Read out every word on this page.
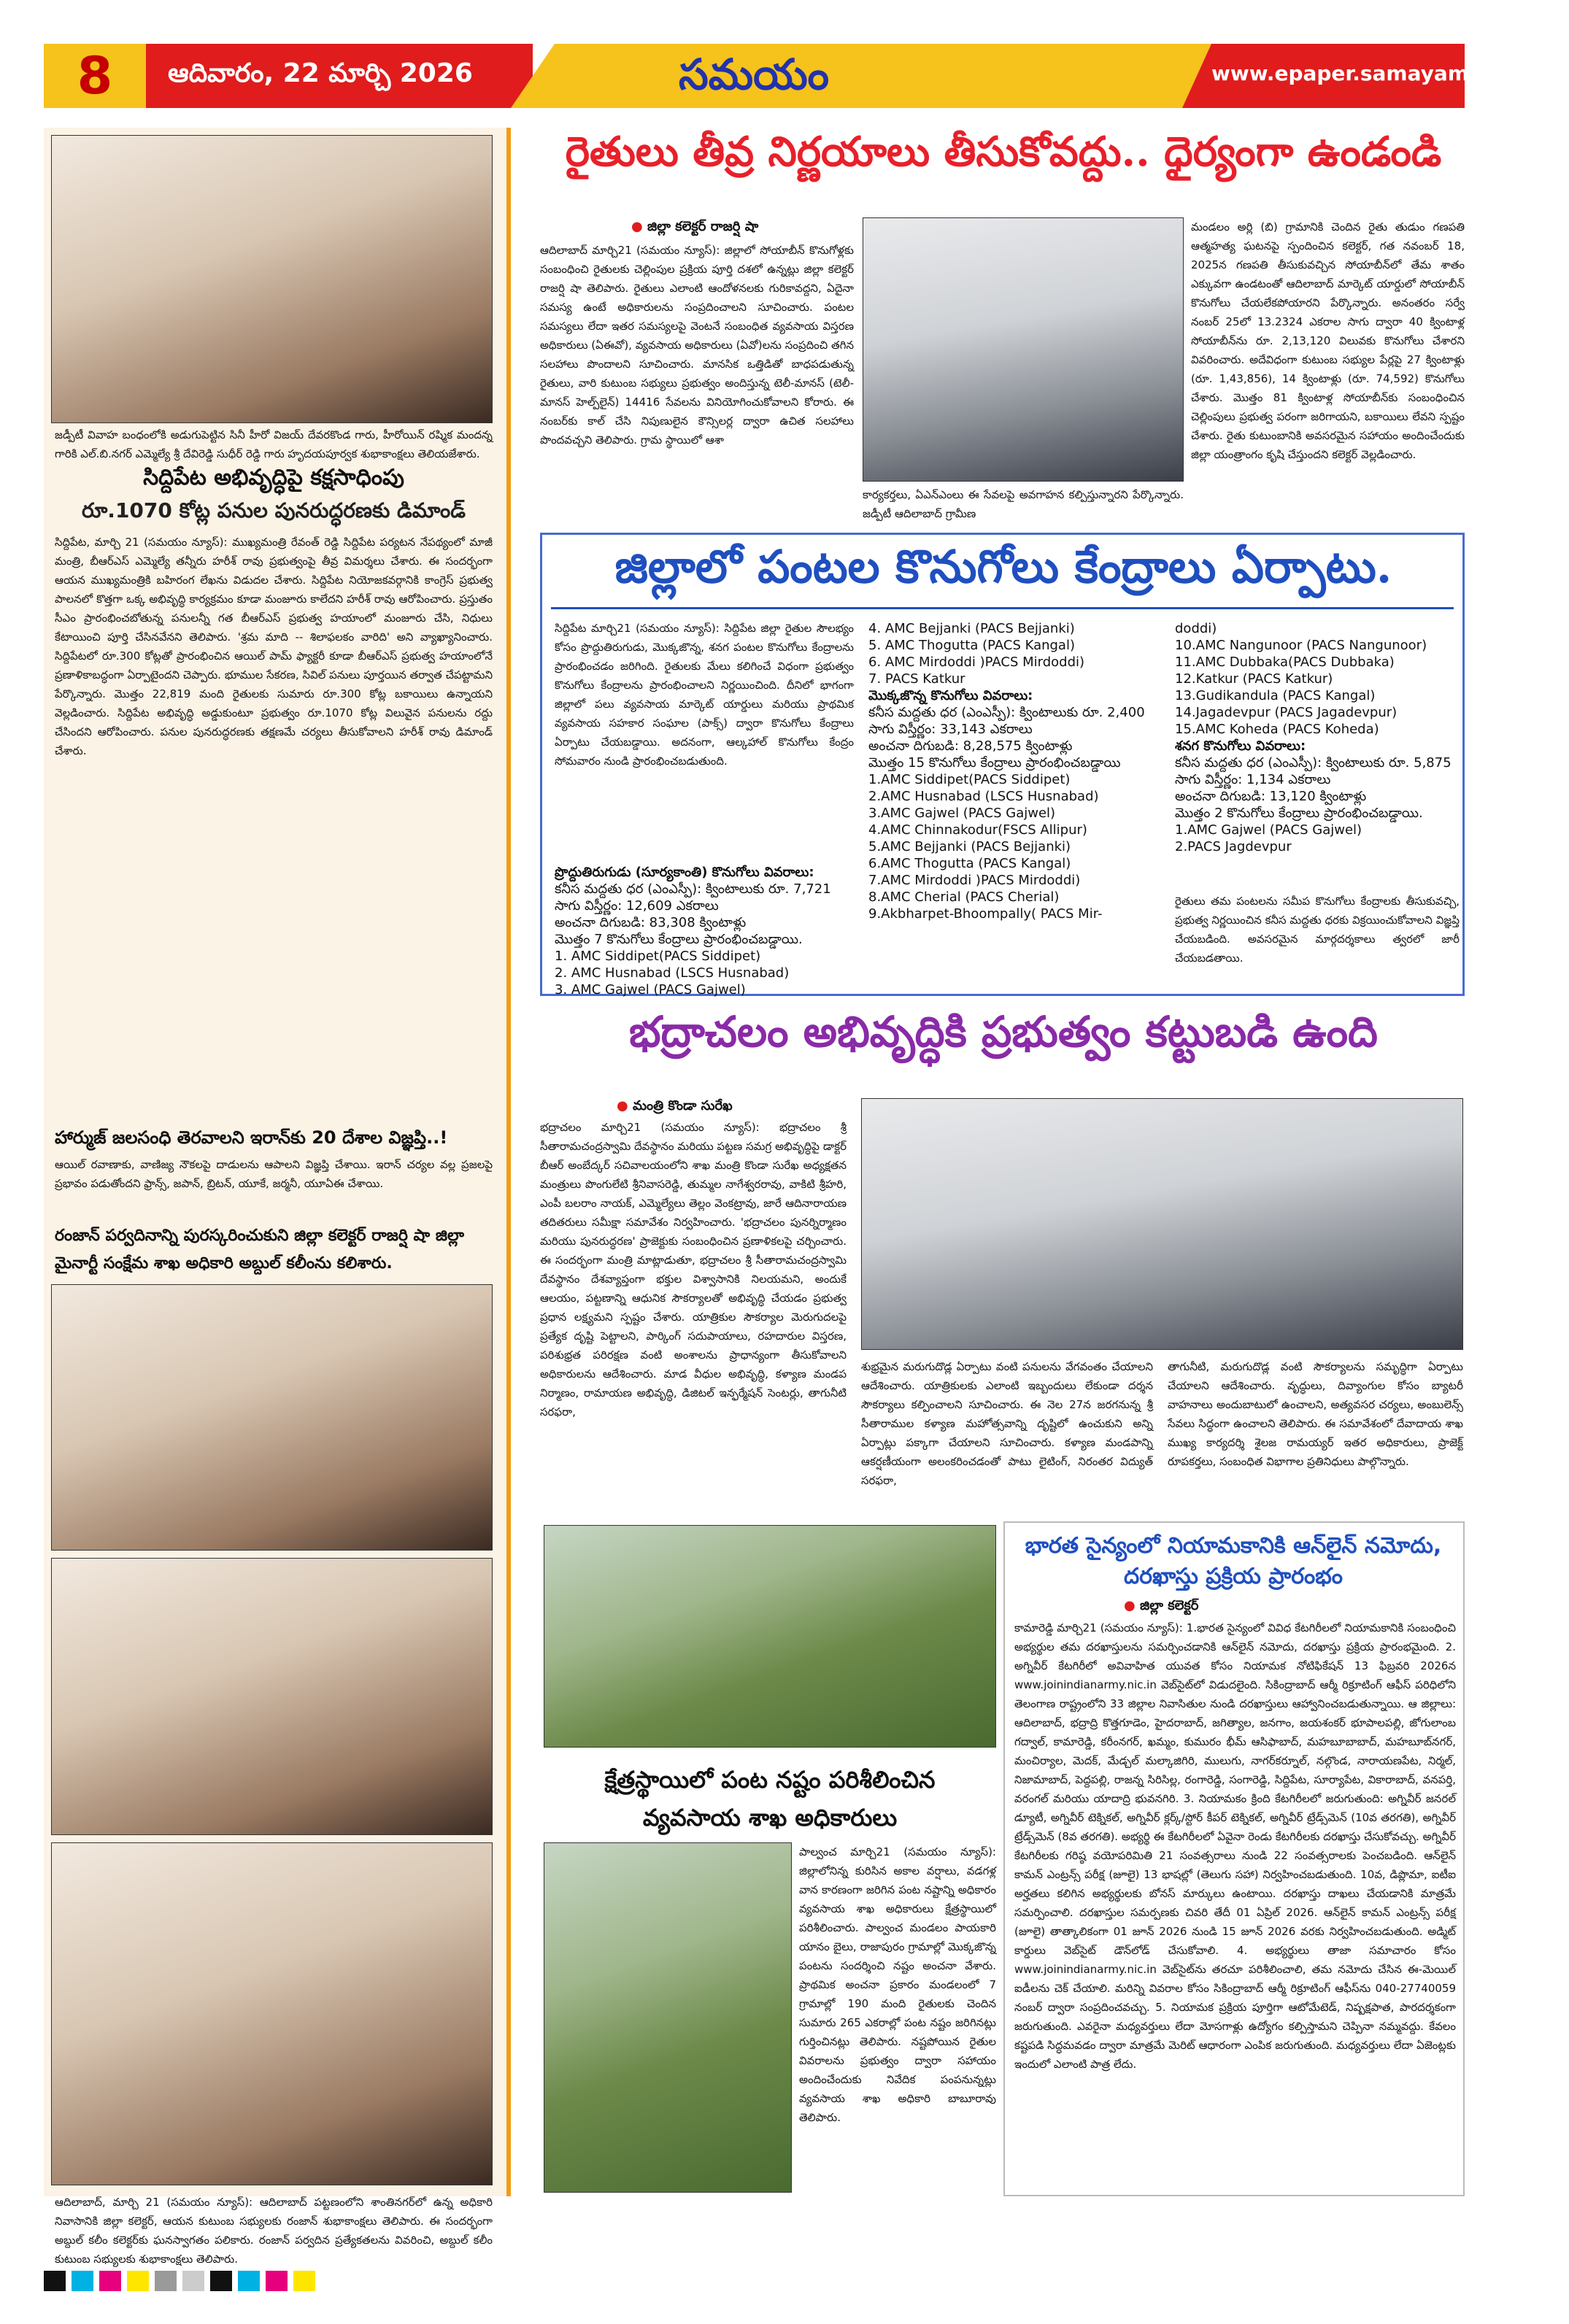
8	ఆదివారం, 22 మార్చి 2026	సమయం	www.epaper.samayamdaily.net
జడ్పీటీ వివాహ బంధంలోకి అడుగుపెట్టిన సినీ హీరో విజయ్ దేవరకొండ గారు, హీరోయిన్ రష్మిక మందన్న గారికి ఎల్.బి.నగర్ ఎమ్మెల్యే శ్రీ దేవిరెడ్డి సుధీర్ రెడ్డి గారు హృదయపూర్వక శుభాకాంక్షలు తెలియజేశారు.
సిద్దిపేట అభివృద్ధిపై కక్షసాధింపు
రూ.1070 కోట్ల పనుల పునరుద్ధరణకు డిమాండ్
సిద్దిపేట, మార్చి 21 (సమయం న్యూస్): ముఖ్యమంత్రి రేవంత్ రెడ్డి సిద్దిపేట పర్యటన నేపథ్యంలో మాజీ మంత్రి, బీఆర్ఎస్ ఎమ్మెల్యే తన్నీరు హరీశ్ రావు ప్రభుత్వంపై తీవ్ర విమర్శలు చేశారు. ఈ సందర్భంగా ఆయన ముఖ్యమంత్రికి బహిరంగ లేఖను విడుదల చేశారు. సిద్దిపేట నియోజకవర్గానికి కాంగ్రెస్ ప్రభుత్వ పాలనలో కొత్తగా ఒక్క అభివృద్ధి కార్యక్రమం కూడా మంజూరు కాలేదని హరీశ్ రావు ఆరోపించారు. ప్రస్తుతం సీఎం ప్రారంభించబోతున్న పనులన్నీ గత బీఆర్ఎస్ ప్రభుత్వ హయాంలో మంజూరు చేసి, నిధులు కేటాయించి పూర్తి చేసినవేనని తెలిపారు. 'శ్రమ మాది -- శిలాఫలకం వారిది' అని వ్యాఖ్యానించారు. సిద్దిపేటలో రూ.300 కోట్లతో ప్రారంభించిన ఆయిల్ పామ్ ఫ్యాక్టరీ కూడా బీఆర్ఎస్ ప్రభుత్వ హయాంలోనే ప్రణాళికాబద్ధంగా ఏర్పాటైందని చెప్పారు. భూముల సేకరణ, సివిల్ పనులు పూర్తయిన తర్వాత చేపట్టామని పేర్కొన్నారు. మొత్తం 22,819 మంది రైతులకు సుమారు రూ.300 కోట్ల బకాయిలు ఉన్నాయని వెల్లడించారు. సిద్దిపేట అభివృద్ధి అడ్డుకుంటూ ప్రభుత్వం రూ.1070 కోట్ల విలువైన పనులను రద్దు చేసిందని ఆరోపించారు. పనుల పునరుద్ధరణకు తక్షణమే చర్యలు తీసుకోవాలని హరీశ్ రావు డిమాండ్ చేశారు.
హార్ముజ్ జలసంధి తెరవాలని ఇరాన్‌కు 20 దేశాల విజ్ఞప్తి..!
ఆయిల్ రవాణాకు, వాణిజ్య నౌకలపై దాడులను ఆపాలని విజ్ఞప్తి చేశాయి. ఇరాన్ చర్యల వల్ల ప్రజలపై ప్రభావం పడుతోందని ఫ్రాన్స్, జపాన్, బ్రిటన్, యూకే, జర్మనీ, యూఏఈ చేశాయి.
రంజాన్ పర్వదినాన్ని పురస్కరించుకుని జిల్లా కలెక్టర్ రాజర్షి షా జిల్లా మైనార్టీ సంక్షేమ శాఖ అధికారి అబ్దుల్ కలీంను కలిశారు.
ఆదిలాబాద్, మార్చి 21 (సమయం న్యూస్): ఆదిలాబాద్ పట్టణంలోని శాంతినగర్‌లో ఉన్న అధికారి నివాసానికి జిల్లా కలెక్టర్, ఆయన కుటుంబ సభ్యులకు రంజాన్ శుభాకాంక్షలు తెలిపారు. ఈ సందర్భంగా అబ్దుల్ కలీం కలెక్టర్‌కు ఘనస్వాగతం పలికారు. రంజాన్ పర్వదిన ప్రత్యేకతలను వివరించి, అబ్దుల్ కలీం కుటుంబ సభ్యులకు శుభాకాంక్షలు తెలిపారు.
రైతులు తీవ్ర నిర్ణయాలు తీసుకోవద్దు.. ధైర్యంగా ఉండండి
● జిల్లా కలెక్టర్ రాజర్షి షా
ఆదిలాబాద్ మార్చి21 (సమయం న్యూస్): జిల్లాలో సోయాబీన్ కొనుగోళ్లకు సంబంధించి రైతులకు చెల్లింపుల ప్రక్రియ పూర్తి దశలో ఉన్నట్లు జిల్లా కలెక్టర్ రాజర్షి షా తెలిపారు. రైతులు ఎలాంటి ఆందోళనలకు గురికావద్దని, ఏదైనా సమస్య ఉంటే అధికారులను సంప్రదించాలని సూచించారు. పంటల సమస్యలు లేదా ఇతర సమస్యలపై వెంటనే సంబంధిత వ్యవసాయ విస్తరణ అధికారులు (ఏఈవో), వ్యవసాయ అధికారులు (ఏవో)లను సంప్రదించి తగిన సలహాలు పొందాలని సూచించారు. మానసిక ఒత్తిడితో బాధపడుతున్న రైతులు, వారి కుటుంబ సభ్యులు ప్రభుత్వం అందిస్తున్న టెలీ-మానస్ (టెలీ-మానస్ హెల్ప్‌లైన్) 14416 సేవలను వినియోగించుకోవాలని కోరారు. ఈ నంబర్‌కు కాల్ చేసి నిపుణులైన కౌన్సిలర్ల ద్వారా ఉచిత సలహాలు పొందవచ్చని తెలిపారు. గ్రామ స్థాయిలో ఆశా
కార్యకర్తలు, ఏఎన్ఎంలు ఈ సేవలపై అవగాహన కల్పిస్తున్నారని పేర్కొన్నారు. జడ్పీటీ ఆదిలాబాద్ గ్రామీణ
మండలం అర్లి (బి) గ్రామానికి చెందిన రైతు తుడుం గణపతి ఆత్మహత్య ఘటనపై స్పందించిన కలెక్టర్, గత నవంబర్ 18, 2025న గణపతి తీసుకువచ్చిన సోయాబీన్‌లో తేమ శాతం ఎక్కువగా ఉండటంతో ఆదిలాబాద్ మార్కెట్ యార్డులో సోయాబీన్ కొనుగోలు చేయలేకపోయారని పేర్కొన్నారు. అనంతరం సర్వే నంబర్ 25లో 13.2324 ఎకరాల సాగు ద్వారా 40 క్వింటాళ్ల సోయాబీన్‌ను రూ. 2,13,120 విలువకు కొనుగోలు చేశారని వివరించారు. అదేవిధంగా కుటుంబ సభ్యుల పేర్లపై 27 క్వింటాళ్లు (రూ. 1,43,856), 14 క్వింటాళ్లు (రూ. 74,592) కొనుగోలు చేశారు. మొత్తం 81 క్వింటాళ్ల సోయాబీన్‌కు సంబంధించిన చెల్లింపులు ప్రభుత్వ పరంగా జరిగాయని, బకాయిలు లేవని స్పష్టం చేశారు. రైతు కుటుంబానికి అవసరమైన సహాయం అందించేందుకు జిల్లా యంత్రాంగం కృషి చేస్తుందని కలెక్టర్ వెల్లడించారు.
జిల్లాలో పంటల కొనుగోలు కేంద్రాలు ఏర్పాటు.
సిద్దిపేట మార్చి21 (సమయం న్యూస్): సిద్దిపేట జిల్లా రైతుల సౌలభ్యం కోసం ప్రొద్దుతిరుగుడు, మొక్కజొన్న, శనగ పంటల కొనుగోలు కేంద్రాలను ప్రారంభించడం జరిగింది. రైతులకు మేలు కలిగించే విధంగా ప్రభుత్వం కొనుగోలు కేంద్రాలను ప్రారంభించాలని నిర్ణయించింది. దీనిలో భాగంగా జిల్లాలో పలు వ్యవసాయ మార్కెట్ యార్డులు మరియు ప్రాథమిక వ్యవసాయ సహకార సంఘాల (పాక్స్) ద్వారా కొనుగోలు కేంద్రాలు ఏర్పాటు చేయబడ్డాయి. అదనంగా, ఆల్కహాల్ కొనుగోలు కేంద్రం సోమవారం నుండి ప్రారంభించబడుతుంది.
ప్రొద్దుతిరుగుడు (సూర్యకాంతి) కొనుగోలు వివరాలు:
కనీస మద్దతు ధర (ఎంఎస్పీ): క్వింటాలుకు రూ. 7,721
సాగు విస్తీర్ణం: 12,609 ఎకరాలు
అంచనా దిగుబడి: 83,308 క్వింటాళ్లు
మొత్తం 7 కొనుగోలు కేంద్రాలు ప్రారంభించబడ్డాయి.
1. AMC Siddipet(PACS Siddipet)
2. AMC Husnabad (LSCS Husnabad)
3. AMC Gajwel (PACS Gajwel)
4. AMC Bejjanki (PACS Bejjanki)
5. AMC Thogutta (PACS Kangal)
6. AMC Mirdoddi )PACS Mirdoddi)
7. PACS Katkur
మొక్కజొన్న కొనుగోలు వివరాలు:
కనీస మద్దతు ధర (ఎంఎస్పీ): క్వింటాలుకు రూ. 2,400
సాగు విస్తీర్ణం: 33,143 ఎకరాలు
అంచనా దిగుబడి: 8,28,575 క్వింటాళ్లు
మొత్తం 15 కొనుగోలు కేంద్రాలు ప్రారంభించబడ్డాయి
1.AMC Siddipet(PACS Siddipet)
2.AMC Husnabad (LSCS Husnabad)
3.AMC Gajwel (PACS Gajwel)
4.AMC Chinnakodur(FSCS Allipur)
5.AMC Bejjanki (PACS Bejjanki)
6.AMC Thogutta (PACS Kangal)
7.AMC Mirdoddi )PACS Mirdoddi)
8.AMC Cherial (PACS Cherial)
9.Akbharpet-Bhoompally( PACS Mir-
doddi)
10.AMC Nangunoor (PACS Nangunoor)
11.AMC Dubbaka(PACS Dubbaka)
12.Katkur (PACS Katkur)
13.Gudikandula (PACS Kangal)
14.Jagadevpur (PACS Jagadevpur)
15.AMC Koheda (PACS Koheda)
శనగ కొనుగోలు వివరాలు:
కనీస మద్దతు ధర (ఎంఎస్పీ): క్వింటాలుకు రూ. 5,875
సాగు విస్తీర్ణం: 1,134 ఎకరాలు
అంచనా దిగుబడి: 13,120 క్వింటాళ్లు
మొత్తం 2 కొనుగోలు కేంద్రాలు ప్రారంభించబడ్డాయి.
1.AMC Gajwel (PACS Gajwel)
2.PACS Jagdevpur
రైతులు తమ పంటలను సమీప కొనుగోలు కేంద్రాలకు తీసుకువచ్చి, ప్రభుత్వ నిర్ణయించిన కనీస మద్దతు ధరకు విక్రయించుకోవాలని విజ్ఞప్తి చేయబడింది. అవసరమైన మార్గదర్శకాలు త్వరలో జారీ చేయబడతాయి.
భద్రాచలం అభివృద్ధికి ప్రభుత్వం కట్టుబడి ఉంది
● మంత్రి కొండా సురేఖ
భద్రాచలం మార్చి21 (సమయం న్యూస్): భద్రాచలం శ్రీ సీతారామచంద్రస్వామి దేవస్థానం మరియు పట్టణ సమగ్ర అభివృద్ధిపై డాక్టర్ బీఆర్ అంబేద్కర్ సచివాలయంలోని శాఖ మంత్రి కొండా సురేఖ అధ్యక్షతన మంత్రులు పొంగులేటి శ్రీనివాసరెడ్డి, తుమ్మల నాగేశ్వరరావు, వాకిటి శ్రీహరి, ఎంపీ బలరాం నాయక్, ఎమ్మెల్యేలు తెల్లం వెంకట్రావు, జారే ఆదినారాయణ తదితరులు సమీక్షా సమావేశం నిర్వహించారు. 'భద్రాచలం పునర్నిర్మాణం మరియు పునరుద్ధరణ' ప్రాజెక్టుకు సంబంధించిన ప్రణాళికలపై చర్చించారు. ఈ సందర్భంగా మంత్రి మాట్లాడుతూ, భద్రాచలం శ్రీ సీతారామచంద్రస్వామి దేవస్థానం దేశవ్యాప్తంగా భక్తుల విశ్వాసానికి నిలయమని, అందుకే ఆలయం, పట్టణాన్ని ఆధునిక సౌకర్యాలతో అభివృద్ధి చేయడం ప్రభుత్వ ప్రధాన లక్ష్యమని స్పష్టం చేశారు. యాత్రికుల సౌకర్యాల మెరుగుదలపై ప్రత్యేక దృష్టి పెట్టాలని, పార్కింగ్ సదుపాయాలు, రహదారుల విస్తరణ, పరిశుభ్రత పరిరక్షణ వంటి అంశాలను ప్రాధాన్యంగా తీసుకోవాలని అధికారులను ఆదేశించారు. మాడ వీధుల అభివృద్ధి, కళ్యాణ మండప నిర్మాణం, రామాయణ అభివృద్ధి, డిజిటల్ ఇన్ఫర్మేషన్ సెంటర్లు, తాగునీటి సరఫరా,
శుభ్రమైన మరుగుదొడ్ల ఏర్పాటు వంటి పనులను వేగవంతం చేయాలని ఆదేశించారు. యాత్రికులకు ఎలాంటి ఇబ్బందులు లేకుండా దర్శన సౌకర్యాలు కల్పించాలని సూచించారు. ఈ నెల 27న జరగనున్న శ్రీ సీతారాముల కళ్యాణ మహోత్సవాన్ని దృష్టిలో ఉంచుకుని అన్ని ఏర్పాట్లు పక్కాగా చేయాలని సూచించారు. కళ్యాణ మండపాన్ని ఆకర్షణీయంగా అలంకరించడంతో పాటు లైటింగ్, నిరంతర విద్యుత్ సరఫరా,
తాగునీటి, మరుగుదొడ్ల వంటి సౌకర్యాలను సమృద్ధిగా ఏర్పాటు చేయాలని ఆదేశించారు. వృద్ధులు, దివ్యాంగుల కోసం బ్యాటరీ వాహనాలు అందుబాటులో ఉంచాలని, అత్యవసర చర్యలు, అంబులెన్స్ సేవలు సిద్ధంగా ఉంచాలని తెలిపారు. ఈ సమావేశంలో దేవాదాయ శాఖ ముఖ్య కార్యదర్శి శైలజ రామయ్యర్ ఇతర అధికారులు, ప్రాజెక్ట్ రూపకర్తలు, సంబంధిత విభాగాల ప్రతినిధులు పాల్గొన్నారు.
క్షేత్రస్థాయిలో పంట నష్టం పరిశీలించిన
వ్యవసాయ శాఖ అధికారులు
పాల్వంచ మార్చి21 (సమయం న్యూస్): జిల్లాలోనిన్న కురిసిన అకాల వర్షాలు, వడగళ్ల వాన కారణంగా జరిగిన పంట నష్టాన్ని అధికారం వ్యవసాయ శాఖ అధికారులు క్షేత్రస్థాయిలో పరిశీలించారు. పాల్వంచ మండలం పాయకారి యానం బైలు, రాజాపురం గ్రామాల్లో మొక్కజొన్న పంటను సందర్శించి నష్టం అంచనా వేశారు. ప్రాథమిక అంచనా ప్రకారం మండలంలో 7 గ్రామాల్లో 190 మంది రైతులకు చెందిన సుమారు 265 ఎకరాల్లో పంట నష్టం జరిగినట్లు గుర్తించినట్లు తెలిపారు. నష్టపోయిన రైతుల వివరాలను ప్రభుత్వం ద్వారా సహాయం అందించేందుకు నివేదిక పంపనున్నట్లు వ్యవసాయ శాఖ అధికారి బాబూరావు తెలిపారు.
భారత సైన్యంలో నియామకానికి ఆన్‌లైన్ నమోదు, దరఖాస్తు ప్రక్రియ ప్రారంభం
● జిల్లా కలెక్టర్
కామారెడ్డి మార్చి21 (సమయం న్యూస్): 1.భారత సైన్యంలో వివిధ కేటగిరీలలో నియామకానికి సంబంధించి అభ్యర్థుల తమ దరఖాస్తులను సమర్పించడానికి ఆన్‌లైన్ నమోదు, దరఖాస్తు ప్రక్రియ ప్రారంభమైంది. 2. అగ్నివీర్ కేటగిరీలో అవివాహిత యువత కోసం నియామక నోటిఫికేషన్ 13 ఫిబ్రవరి 2026న www.joinindianarmy.nic.in వెబ్‌సైట్‌లో విడుదలైంది. సికింద్రాబాద్ ఆర్మీ రిక్రూటింగ్ ఆఫీస్ పరిధిలోని తెలంగాణ రాష్ట్రంలోని 33 జిల్లాల నివాసితుల నుండి దరఖాస్తులు ఆహ్వానించబడుతున్నాయి. ఆ జిల్లాలు: ఆదిలాబాద్, భద్రాద్రి కొత్తగూడెం, హైదరాబాద్, జగిత్యాల, జనగాం, జయశంకర్ భూపాలపల్లి, జోగులాంబ గద్వాల్, కామారెడ్డి, కరీంనగర్, ఖమ్మం, కుమురం భీమ్ ఆసిఫాబాద్, మహబూబాబాద్, మహబూబ్‌నగర్, మంచిర్యాల, మెదక్, మేడ్చల్ మల్కాజిగిరి, ములుగు, నాగర్‌కర్నూల్, నల్గొండ, నారాయణపేట, నిర్మల్, నిజామాబాద్, పెద్దపల్లి, రాజన్న సిరిసిల్ల, రంగారెడ్డి, సంగారెడ్డి, సిద్దిపేట, సూర్యాపేట, వికారాబాద్, వనపర్తి, వరంగల్ మరియు యాదాద్రి భువనగిరి. 3. నియామకం క్రింది కేటగిరీలలో జరుగుతుంది: అగ్నివీర్ జనరల్ డ్యూటీ, అగ్నివీర్ టెక్నికల్, అగ్నివీర్ క్లర్క్/స్టోర్ కీపర్ టెక్నికల్, అగ్నివీర్ ట్రేడ్స్‌మెన్ (10వ తరగతి), అగ్నివీర్ ట్రేడ్స్‌మెన్ (8వ తరగతి). అభ్యర్థి ఈ కేటగిరీలలో ఏవైనా రెండు కేటగిరీలకు దరఖాస్తు చేసుకోవచ్చు. అగ్నివీర్ కేటగిరీలకు గరిష్ఠ వయోపరిమితి 21 సంవత్సరాలు నుండి 22 సంవత్సరాలకు పెంచబడింది. ఆన్‌లైన్ కామన్ ఎంట్రన్స్ పరీక్ష (జూలై) 13 భాషల్లో (తెలుగు సహా) నిర్వహించబడుతుంది. 10వ, డిప్లొమా, ఐటీఐ అర్హతలు కలిగిన అభ్యర్థులకు బోనస్ మార్కులు ఉంటాయి. దరఖాస్తు దాఖలు చేయడానికి మాత్రమే సమర్పించాలి. దరఖాస్తుల సమర్పణకు చివరి తేదీ 01 ఏప్రిల్ 2026. ఆన్‌లైన్ కామన్ ఎంట్రన్స్ పరీక్ష (జూలై) తాత్కాలికంగా 01 జూన్ 2026 నుండి 15 జూన్ 2026 వరకు నిర్వహించబడుతుంది. అడ్మిట్ కార్డులు వెబ్‌సైట్ డౌన్‌లోడ్ చేసుకోవాలి. 4. అభ్యర్థులు తాజా సమాచారం కోసం www.joinindianarmy.nic.in వెబ్‌సైట్‌ను తరచూ పరిశీలించాలి, తమ నమోదు చేసిన ఈ-మెయిల్ ఐడీలను చెక్ చేయాలి. మరిన్ని వివరాల కోసం సికింద్రాబాద్ ఆర్మీ రిక్రూటింగ్ ఆఫీస్‌ను 040-27740059 నంబర్ ద్వారా సంప్రదించవచ్చు. 5. నియామక ప్రక్రియ పూర్తిగా ఆటోమేటెడ్, నిష్పక్షపాత, పారదర్శకంగా జరుగుతుంది. ఎవరైనా మధ్యవర్తులు లేదా మోసగాళ్లు ఉద్యోగం కల్పిస్తామని చెప్పినా నమ్మవద్దు. కేవలం కష్టపడి సిద్ధమవడం ద్వారా మాత్రమే మెరిట్ ఆధారంగా ఎంపిక జరుగుతుంది. మధ్యవర్తులు లేదా ఏజెంట్లకు ఇందులో ఎలాంటి పాత్ర లేదు.
